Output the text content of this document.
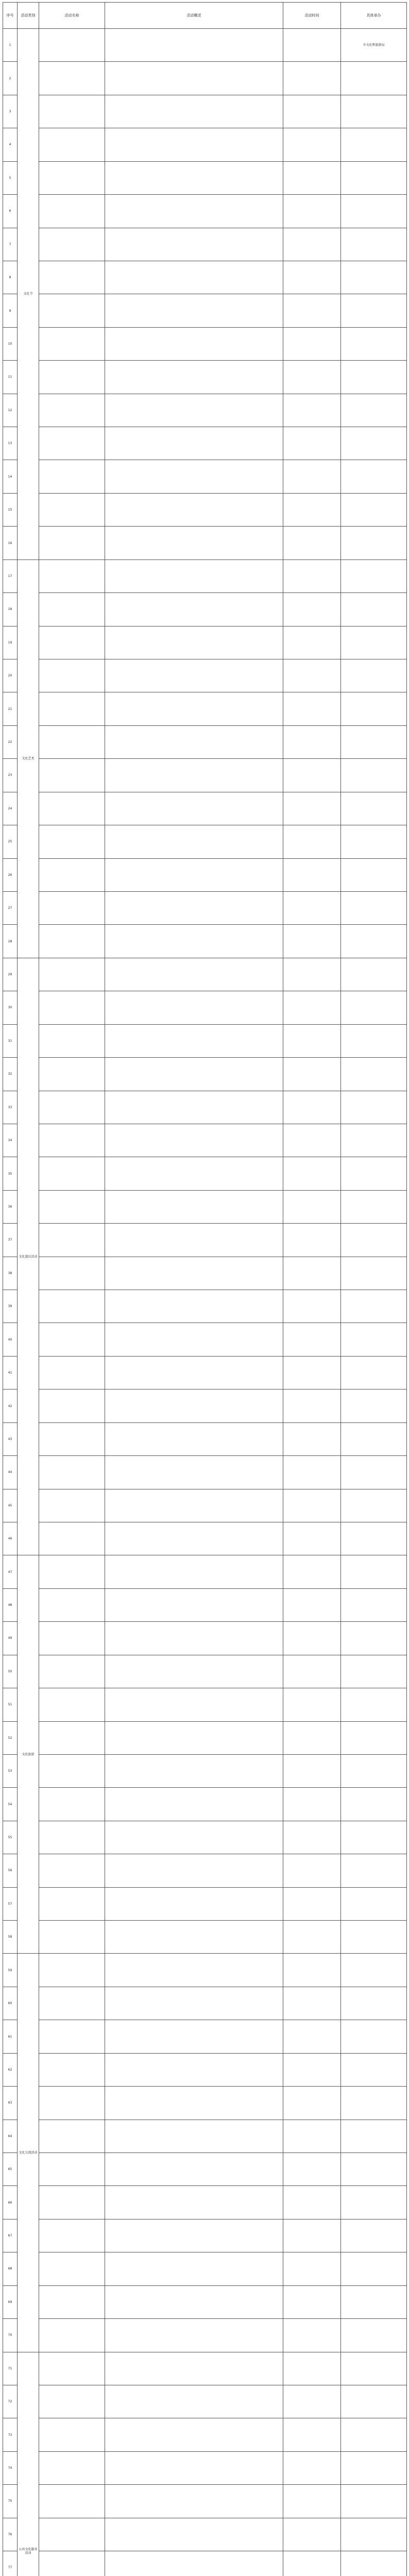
序号	活动类别	活动名称	活动概述	活动时间	具体承办
1	文化节				市文化和旅游局
2					
3					
4					
5					
6					
7					
8					
9					
10					
11					
12					
13					
14					
15					
16					
17	文化艺术				
18					
19					
20					
21					
22					
23					
24					
25					
26					
27					
28					
29	文化惠民活动				
30					
31					
32					
33					
34					
35					
36					
37					
38					
39					
40					
41					
42					
43					
44					
45					
46					
47	文化旅游				
48					
49					
50					
51					
52					
53					
54					
55					
56					
57					
58					
59	文化交流活动				
60					
61					
62					
63					
64					
65					
66					
67					
68					
69					
70					
71	公共文化服务活动				
72					
73					
74					
75					
76					
77					
